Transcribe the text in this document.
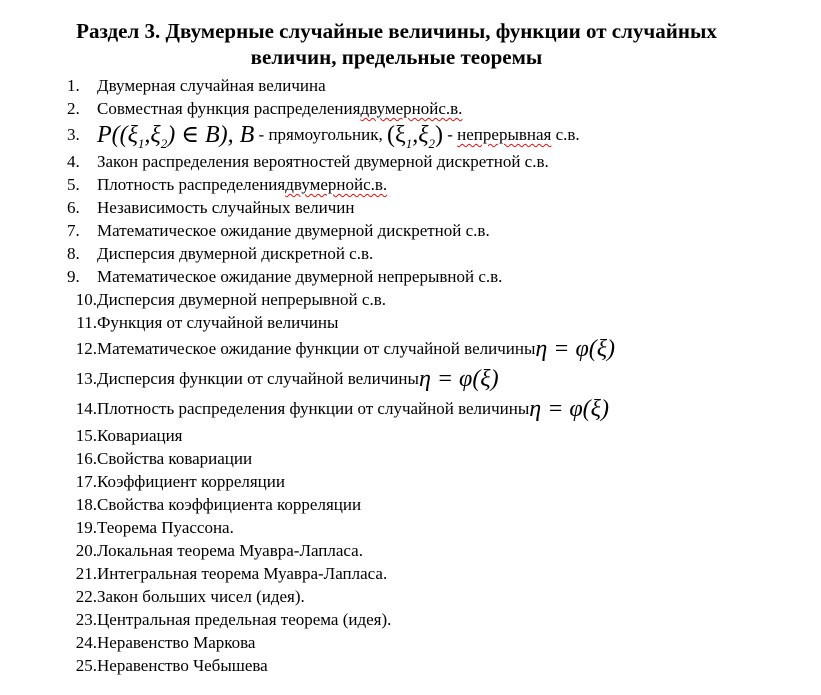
Раздел 3. Двумерные случайные величины, функции от случайных
величин, предельные теоремы
1. Двумерная случайная величина
2. Совместная функция распределениядвумернойс.в.
3. $P((\xi_1,\xi_2)$ ∈ B), B - прямоугольник, $(\xi_1,\xi_2)$ - непрерывная с.в.
4. Закон распределения вероятностей двумерной дискретной с.в.
5. Плотность распределениядвумернойс.в.
6. Независимость случайных величин
7. Математическое ожидание двумерной дискретной с.в.
8. Дисперсия двумерной дискретной с.в.
9. Математическое ожидание двумерной непрерывной с.в.
10.Дисперсия двумерной непрерывной с.в.
11.Функция от случайной величины
12.Математическое ожидание функции от случайной величиныη = φ(ξ)
13.Дисперсия функции от случайной величиныη = φ(ξ)
14.Плотность распределения функции от случайной величиныη = φ(ξ)
15.Ковариация
16.Свойства ковариации
17.Коэффициент корреляции
18.Свойства коэффициента корреляции
19.Теорема Пуассона.
20.Локальная теорема Муавра-Лапласа.
21.Интегральная теорема Муавра-Лапласа.
22.Закон больших чисел (идея).
23.Центральная предельная теорема (идея).
24.Неравенство Маркова
25.Неравенство Чебышева
